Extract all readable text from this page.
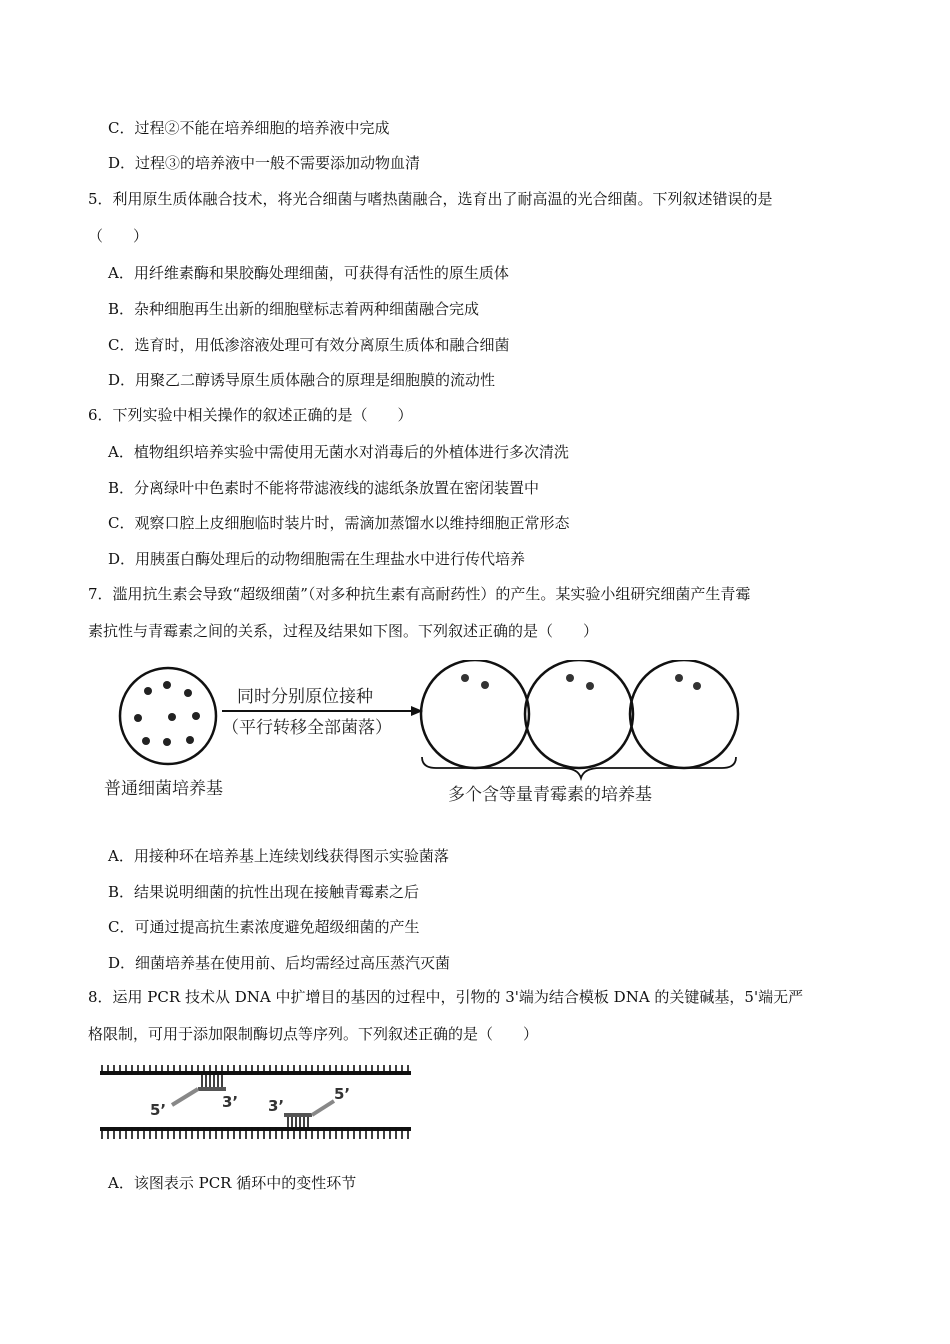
C．过程②不能在培养细胞的培养液中完成
D．过程③的培养液中一般不需要添加动物血清
5．利用原生质体融合技术，将光合细菌与嗜热菌融合，选育出了耐高温的光合细菌。下列叙述错误的是
（　　）
A．用纤维素酶和果胶酶处理细菌，可获得有活性的原生质体
B．杂种细胞再生出新的细胞壁标志着两种细菌融合完成
C．选育时，用低渗溶液处理可有效分离原生质体和融合细菌
D．用聚乙二醇诱导原生质体融合的原理是细胞膜的流动性
6．下列实验中相关操作的叙述正确的是（　　）
A．植物组织培养实验中需使用无菌水对消毒后的外植体进行多次清洗
B．分离绿叶中色素时不能将带滤液线的滤纸条放置在密闭装置中
C．观察口腔上皮细胞临时装片时，需滴加蒸馏水以维持细胞正常形态
D．用胰蛋白酶处理后的动物细胞需在生理盐水中进行传代培养
7．滥用抗生素会导致“超级细菌”（对多种抗生素有高耐药性）的产生。某实验小组研究细菌产生青霉
素抗性与青霉素之间的关系，过程及结果如下图。下列叙述正确的是（　　）
普通细菌培养基
同时分别原位接种
（平行转移全部菌落）
多个含等量青霉素的培养基
A．用接种环在培养基上连续划线获得图示实验菌落
B．结果说明细菌的抗性出现在接触青霉素之后
C．可通过提高抗生素浓度避免超级细菌的产生
D．细菌培养基在使用前、后均需经过高压蒸汽灭菌
8．运用 PCR 技术从 DNA 中扩增目的基因的过程中，引物的 3'端为结合模板 DNA 的关键碱基，5'端无严
格限制，可用于添加限制酶切点等序列。下列叙述正确的是（　　）
5’	3’ 3’
5’
A．该图表示 PCR 循环中的变性环节
